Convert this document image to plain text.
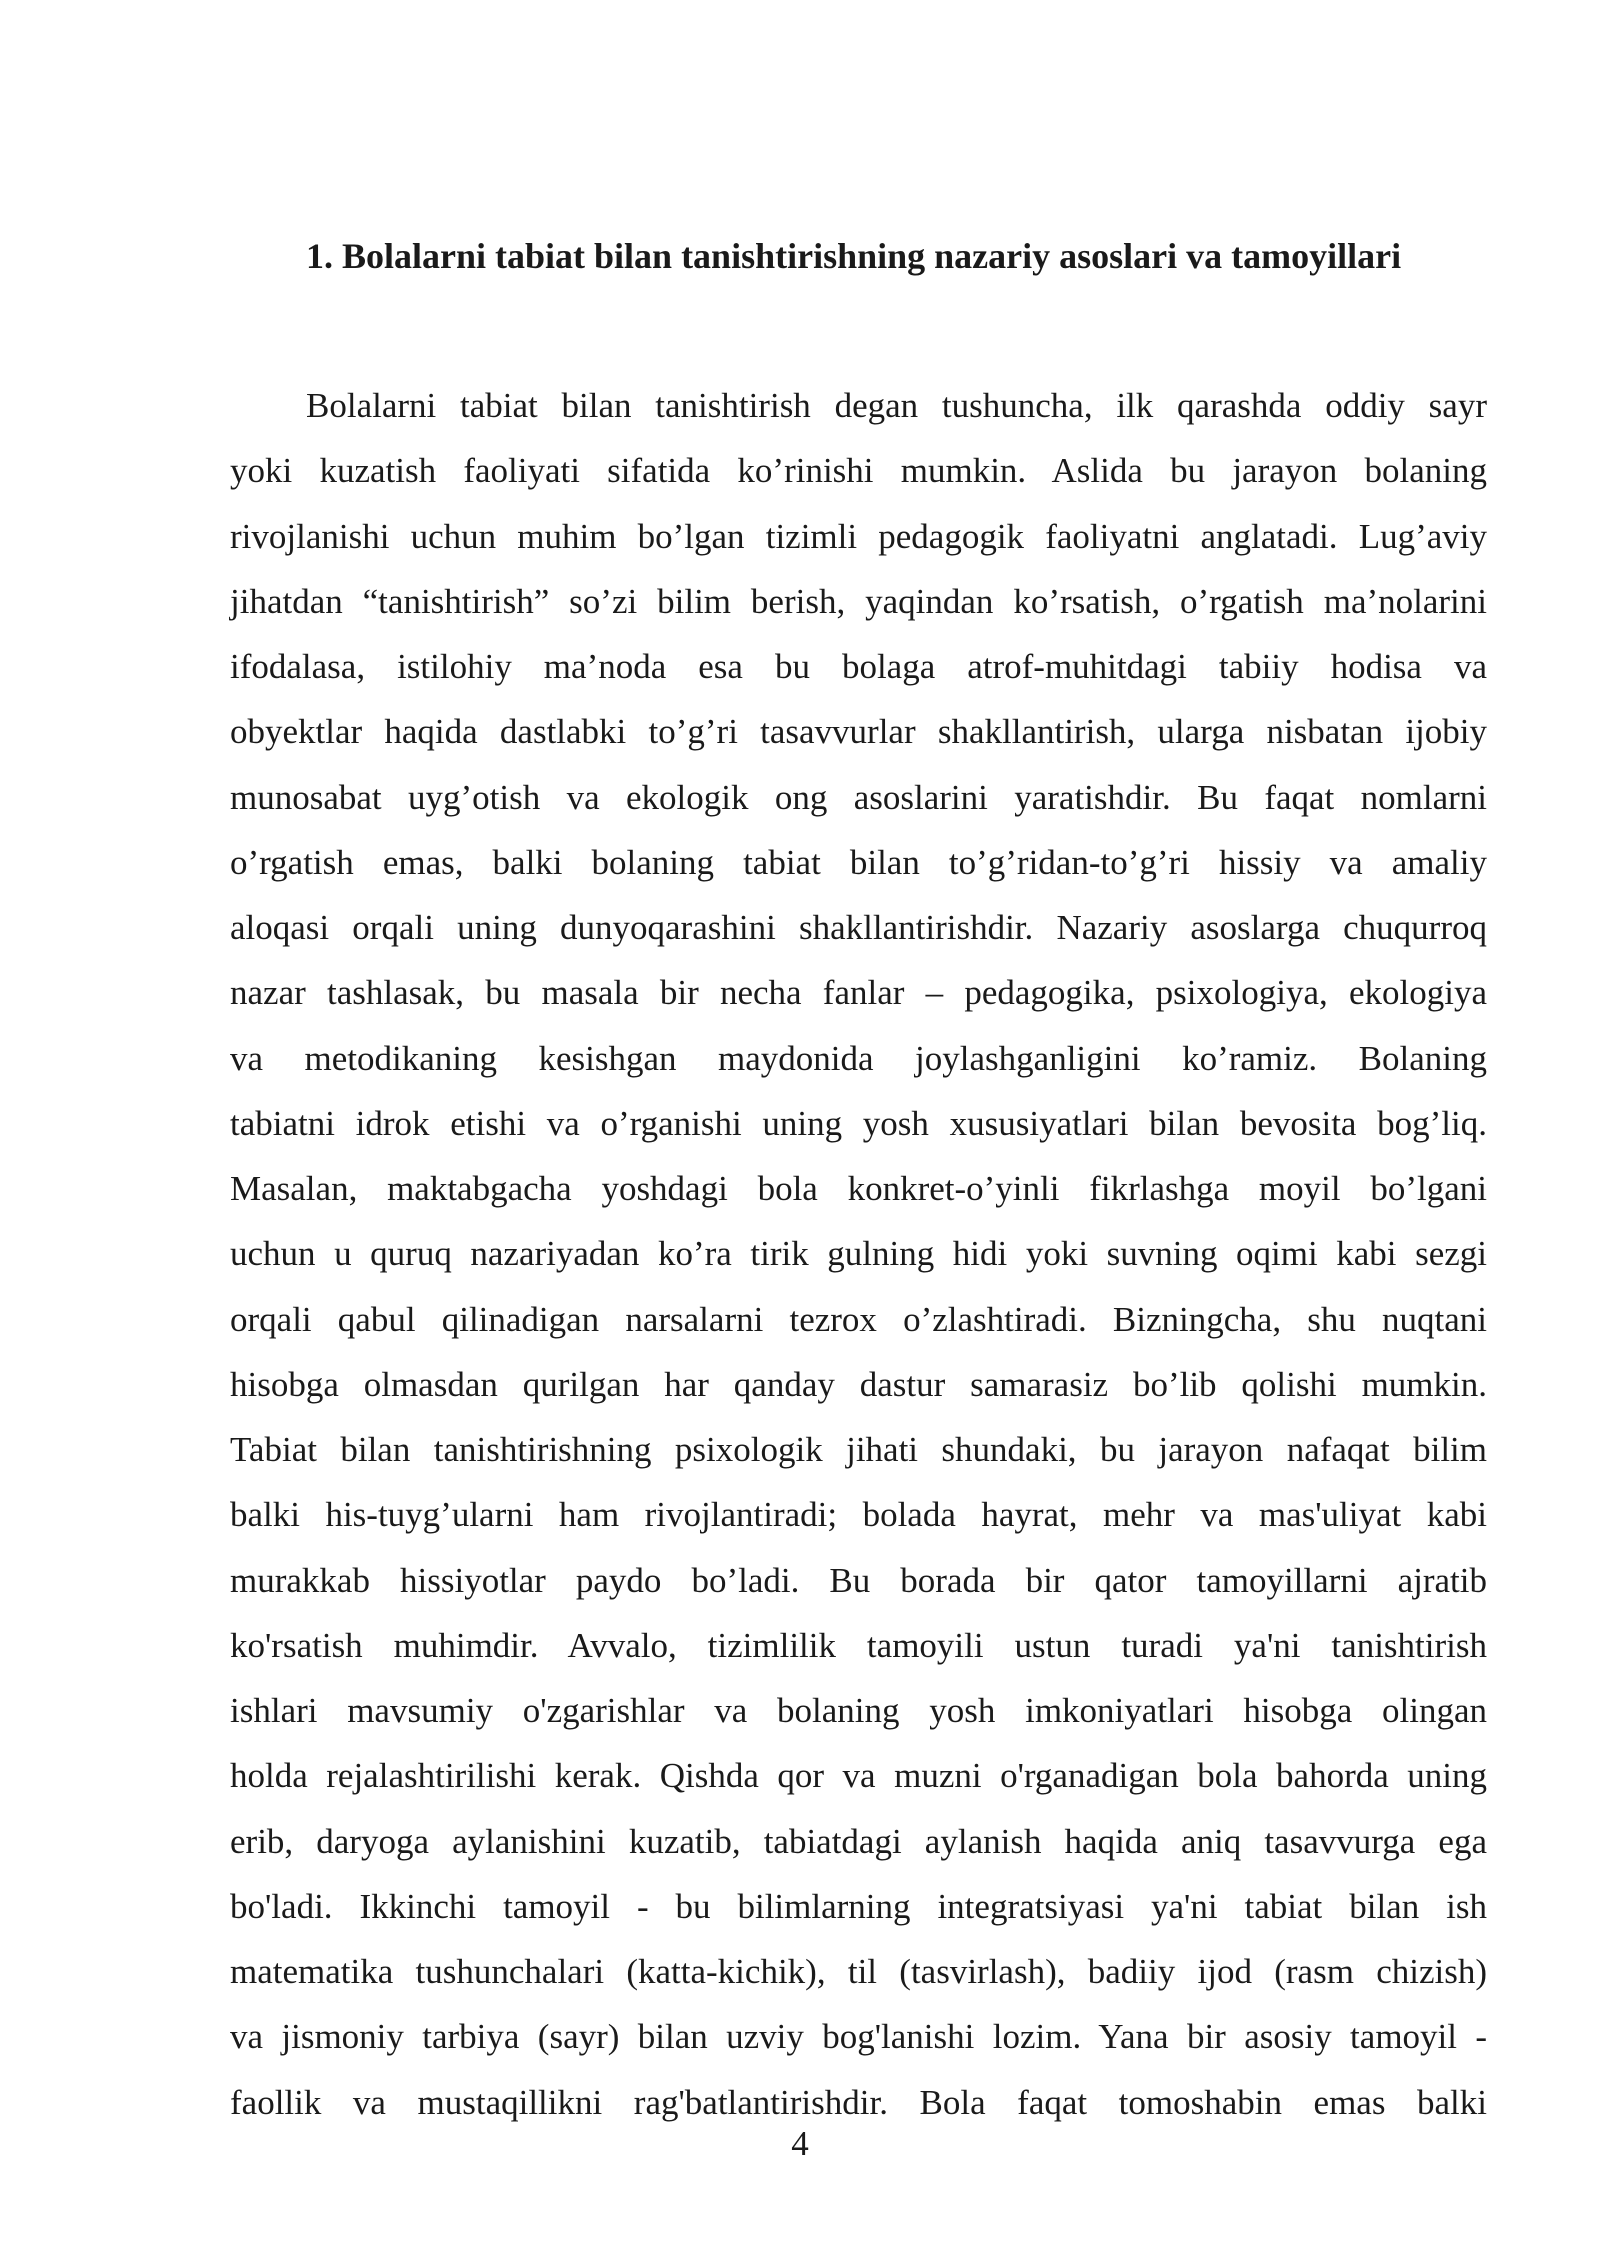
1. Bolalarni tabiat bilan tanishtirishning nazariy asoslari va tamoyillari
Bolalarni tabiat bilan tanishtirish degan tushuncha, ilk qarashda oddiy sayr
yoki kuzatish faoliyati sifatida ko’rinishi mumkin. Aslida bu jarayon bolaning
rivojlanishi uchun muhim bo’lgan tizimli pedagogik faoliyatni anglatadi. Lug’aviy
jihatdan “tanishtirish” so’zi bilim berish, yaqindan ko’rsatish, o’rgatish ma’nolarini
ifodalasa, istilohiy ma’noda esa bu bolaga atrof-muhitdagi tabiiy hodisa va
obyektlar haqida dastlabki to’g’ri tasavvurlar shakllantirish, ularga nisbatan ijobiy
munosabat uyg’otish va ekologik ong asoslarini yaratishdir. Bu faqat nomlarni
o’rgatish emas, balki bolaning tabiat bilan to’g’ridan-to’g’ri hissiy va amaliy
aloqasi orqali uning dunyoqarashini shakllantirishdir. Nazariy asoslarga chuqurroq
nazar tashlasak, bu masala bir necha fanlar – pedagogika, psixologiya, ekologiya
va metodikaning kesishgan maydonida joylashganligini ko’ramiz. Bolaning
tabiatni idrok etishi va o’rganishi uning yosh xususiyatlari bilan bevosita bog’liq.
Masalan, maktabgacha yoshdagi bola konkret-o’yinli fikrlashga moyil bo’lgani
uchun u quruq nazariyadan ko’ra tirik gulning hidi yoki suvning oqimi kabi sezgi
orqali qabul qilinadigan narsalarni tezrox o’zlashtiradi. Bizningcha, shu nuqtani
hisobga olmasdan qurilgan har qanday dastur samarasiz bo’lib qolishi mumkin.
Tabiat bilan tanishtirishning psixologik jihati shundaki, bu jarayon nafaqat bilim
balki his-tuyg’ularni ham rivojlantiradi; bolada hayrat, mehr va mas'uliyat kabi
murakkab hissiyotlar paydo bo’ladi. Bu borada bir qator tamoyillarni ajratib
ko'rsatish muhimdir. Avvalo, tizimlilik tamoyili ustun turadi ya'ni tanishtirish
ishlari mavsumiy o'zgarishlar va bolaning yosh imkoniyatlari hisobga olingan
holda rejalashtirilishi kerak. Qishda qor va muzni o'rganadigan bola bahorda uning
erib, daryoga aylanishini kuzatib, tabiatdagi aylanish haqida aniq tasavvurga ega
bo'ladi. Ikkinchi tamoyil - bu bilimlarning integratsiyasi ya'ni tabiat bilan ish
matematika tushunchalari (katta-kichik), til (tasvirlash), badiiy ijod (rasm chizish)
va jismoniy tarbiya (sayr) bilan uzviy bog'lanishi lozim. Yana bir asosiy tamoyil -
faollik va mustaqillikni rag'batlantirishdir. Bola faqat tomoshabin emas balki
4
